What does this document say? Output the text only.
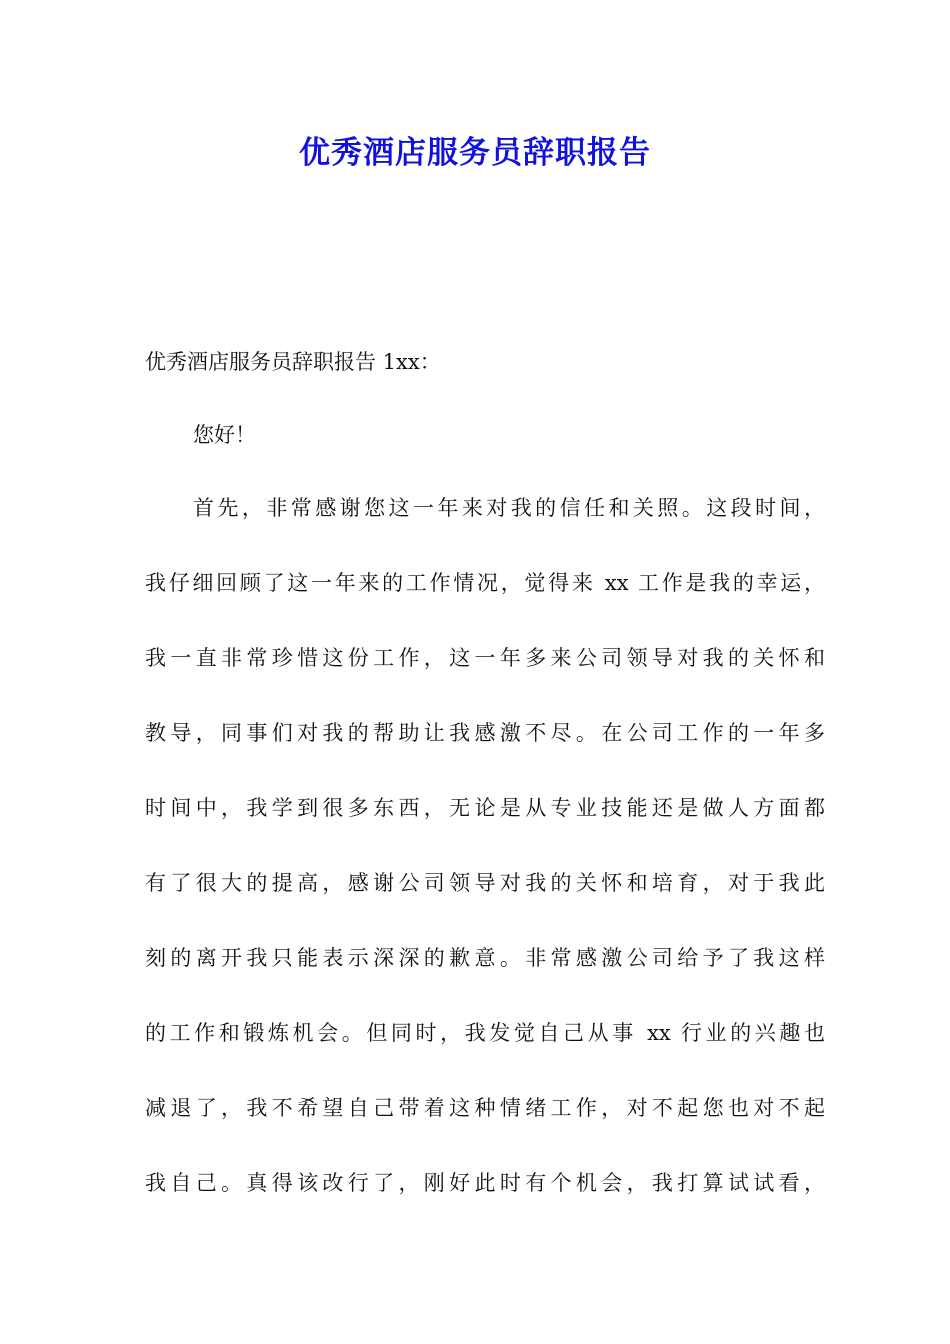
优秀酒店服务员辞职报告

优秀酒店服务员辞职报告 1xx：

您好！

首先，非常感谢您这一年来对我的信任和关照。这段时间，
我仔细回顾了这一年来的工作情况，觉得来 xx 工作是我的幸运，
我一直非常珍惜这份工作，这一年多来公司领导对我的关怀和
教导，同事们对我的帮助让我感激不尽。在公司工作的一年多
时间中，我学到很多东西，无论是从专业技能还是做人方面都
有了很大的提高，感谢公司领导对我的关怀和培育，对于我此
刻的离开我只能表示深深的歉意。非常感激公司给予了我这样
的工作和锻炼机会。但同时，我发觉自己从事 xx 行业的兴趣也
减退了，我不希望自己带着这种情绪工作，对不起您也对不起
我自己。真得该改行了，刚好此时有个机会，我打算试试看，
